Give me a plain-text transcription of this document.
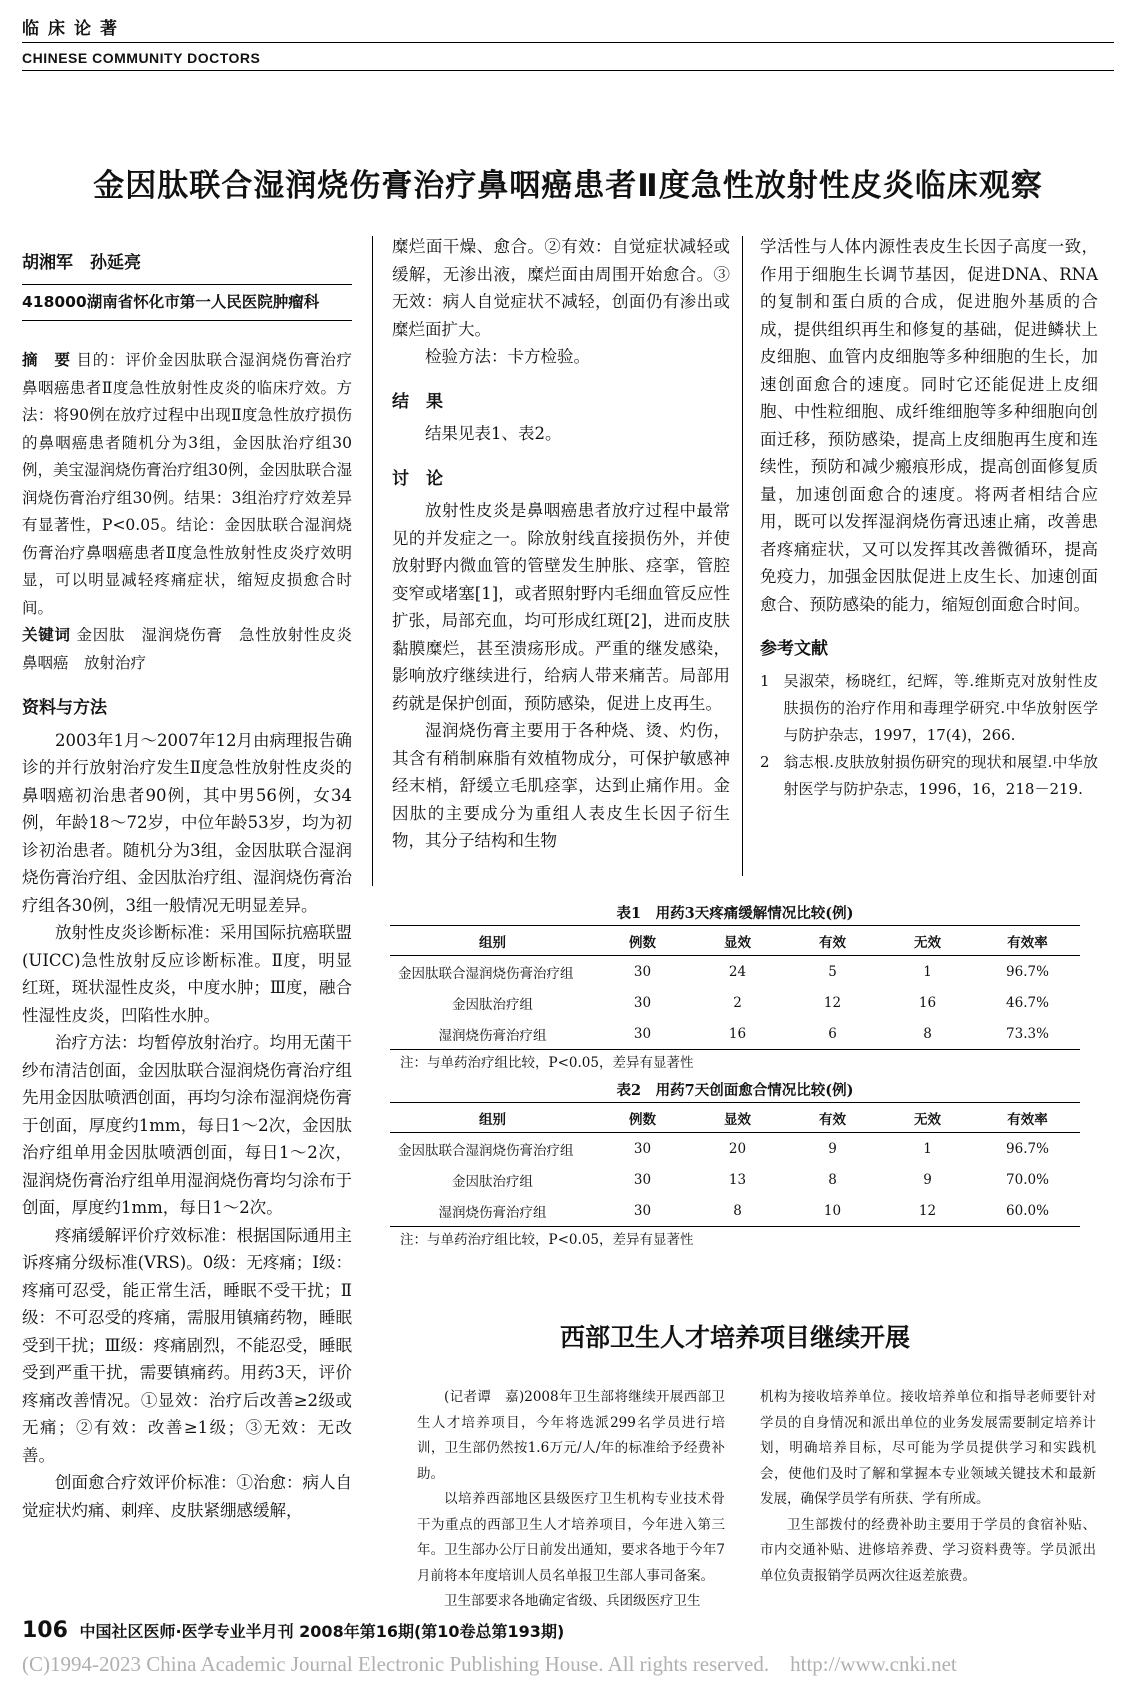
临床论著
CHINESE COMMUNITY DOCTORS
金因肽联合湿润烧伤膏治疗鼻咽癌患者Ⅱ度急性放射性皮炎临床观察
胡湘军　孙延亮
418000湖南省怀化市第一人民医院肿瘤科
摘　要 目的：评价金因肽联合湿润烧伤膏治疗鼻咽癌患者Ⅱ度急性放射性皮炎的临床疗效。方法：将90例在放疗过程中出现Ⅱ度急性放疗损伤的鼻咽癌患者随机分为3组，金因肽治疗组30例，美宝湿润烧伤膏治疗组30例，金因肽联合湿润烧伤膏治疗组30例。结果：3组治疗疗效差异有显著性，P<0.05。结论：金因肽联合湿润烧伤膏治疗鼻咽癌患者Ⅱ度急性放射性皮炎疗效明显，可以明显减轻疼痛症状，缩短皮损愈合时间。
关键词 金因肽　湿润烧伤膏　急性放射性皮炎　鼻咽癌　放射治疗

资料与方法

2003年1月～2007年12月由病理报告确诊的并行放射治疗发生Ⅱ度急性放射性皮炎的鼻咽癌初治患者90例，其中男56例，女34例，年龄18～72岁，中位年龄53岁，均为初诊初治患者。随机分为3组，金因肽联合湿润烧伤膏治疗组、金因肽治疗组、湿润烧伤膏治疗组各30例，3组一般情况无明显差异。

放射性皮炎诊断标准：采用国际抗癌联盟(UICC)急性放射反应诊断标准。Ⅱ度，明显红斑，斑状湿性皮炎，中度水肿；Ⅲ度，融合性湿性皮炎，凹陷性水肿。

治疗方法：均暂停放射治疗。均用无菌干纱布清洁创面，金因肽联合湿润烧伤膏治疗组先用金因肽喷洒创面，再均匀涂布湿润烧伤膏于创面，厚度约1mm，每日1～2次，金因肽治疗组单用金因肽喷洒创面，每日1～2次，湿润烧伤膏治疗组单用湿润烧伤膏均匀涂布于创面，厚度约1mm，每日1～2次。

疼痛缓解评价疗效标准：根据国际通用主诉疼痛分级标准(VRS)。0级：无疼痛；Ⅰ级：疼痛可忍受，能正常生活，睡眠不受干扰；Ⅱ级：不可忍受的疼痛，需服用镇痛药物，睡眠受到干扰；Ⅲ级：疼痛剧烈，不能忍受，睡眠受到严重干扰，需要镇痛药。用药3天，评价疼痛改善情况。①显效：治疗后改善≥2级或无痛；②有效：改善≥1级；③无效：无改善。

创面愈合疗效评价标准：①治愈：病人自觉症状灼痛、刺痒、皮肤紧绷感缓解，

糜烂面干燥、愈合。②有效：自觉症状减轻或缓解，无渗出液，糜烂面由周围开始愈合。③无效：病人自觉症状不减轻，创面仍有渗出或糜烂面扩大。

检验方法：卡方检验。

结　果

结果见表1、表2。

讨　论

放射性皮炎是鼻咽癌患者放疗过程中最常见的并发症之一。除放射线直接损伤外，并使放射野内微血管的管壁发生肿胀、痉挛，管腔变窄或堵塞[1]，或者照射野内毛细血管反应性扩张，局部充血，均可形成红斑[2]，进而皮肤黏膜糜烂，甚至溃疡形成。严重的继发感染，影响放疗继续进行，给病人带来痛苦。局部用药就是保护创面，预防感染，促进上皮再生。

湿润烧伤膏主要用于各种烧、烫、灼伤，其含有稍制麻脂有效植物成分，可保护敏感神经末梢，舒缓立毛肌痉挛，达到止痛作用。金因肽的主要成分为重组人表皮生长因子衍生物，其分子结构和生物

学活性与人体内源性表皮生长因子高度一致，作用于细胞生长调节基因，促进DNA、RNA的复制和蛋白质的合成，促进胞外基质的合成，提供组织再生和修复的基础，促进鳞状上皮细胞、血管内皮细胞等多种细胞的生长，加速创面愈合的速度。同时它还能促进上皮细胞、中性粒细胞、成纤维细胞等多种细胞向创面迁移，预防感染，提高上皮细胞再生度和连续性，预防和减少瘢痕形成，提高创面修复质量，加速创面愈合的速度。将两者相结合应用，既可以发挥湿润烧伤膏迅速止痛，改善患者疼痛症状，又可以发挥其改善微循环，提高免疫力，加强金因肽促进上皮生长、加速创面愈合、预防感染的能力，缩短创面愈合时间。

参考文献

1 吴淑荣，杨晓红，纪辉，等.维斯克对放射性皮肤损伤的治疗作用和毒理学研究.中华放射医学与防护杂志，1997，17(4)，266.
2 翁志根.皮肤放射损伤研究的现状和展望.中华放射医学与防护杂志，1996，16，218－219.
表1　用药3天疼痛缓解情况比较(例)
组别	例数	显效	有效	无效	有效率
金因肽联合湿润烧伤膏治疗组	30	24	5	1	96.7%
金因肽治疗组	30	2	12	16	46.7%
湿润烧伤膏治疗组	30	16	6	8	73.3%
注：与单药治疗组比较，P<0.05，差异有显著性
表2　用药7天创面愈合情况比较(例)
组别	例数	显效	有效	无效	有效率
金因肽联合湿润烧伤膏治疗组	30	20	9	1	96.7%
金因肽治疗组	30	13	8	9	70.0%
湿润烧伤膏治疗组	30	8	10	12	60.0%
注：与单药治疗组比较，P<0.05，差异有显著性
西部卫生人才培养项目继续开展

(记者谭　嘉)2008年卫生部将继续开展西部卫生人才培养项目，今年将选派299名学员进行培训，卫生部仍然按1.6万元/人/年的标准给予经费补助。

以培养西部地区县级医疗卫生机构专业技术骨干为重点的西部卫生人才培养项目，今年进入第三年。卫生部办公厅日前发出通知，要求各地于今年7月前将本年度培训人员名单报卫生部人事司备案。

卫生部要求各地确定省级、兵团级医疗卫生

机构为接收培养单位。接收培养单位和指导老师要针对学员的自身情况和派出单位的业务发展需要制定培养计划，明确培养目标，尽可能为学员提供学习和实践机会，使他们及时了解和掌握本专业领域关键技术和最新发展，确保学员学有所获、学有所成。

卫生部拨付的经费补助主要用于学员的食宿补贴、市内交通补贴、进修培养费、学习资料费等。学员派出单位负责报销学员两次往返差旅费。

106 中国社区医师·医学专业半月刊 2008年第16期(第10卷总第193期)
(C)1994-2023 China Academic Journal Electronic Publishing House. All rights reserved.　http://www.cnki.net
